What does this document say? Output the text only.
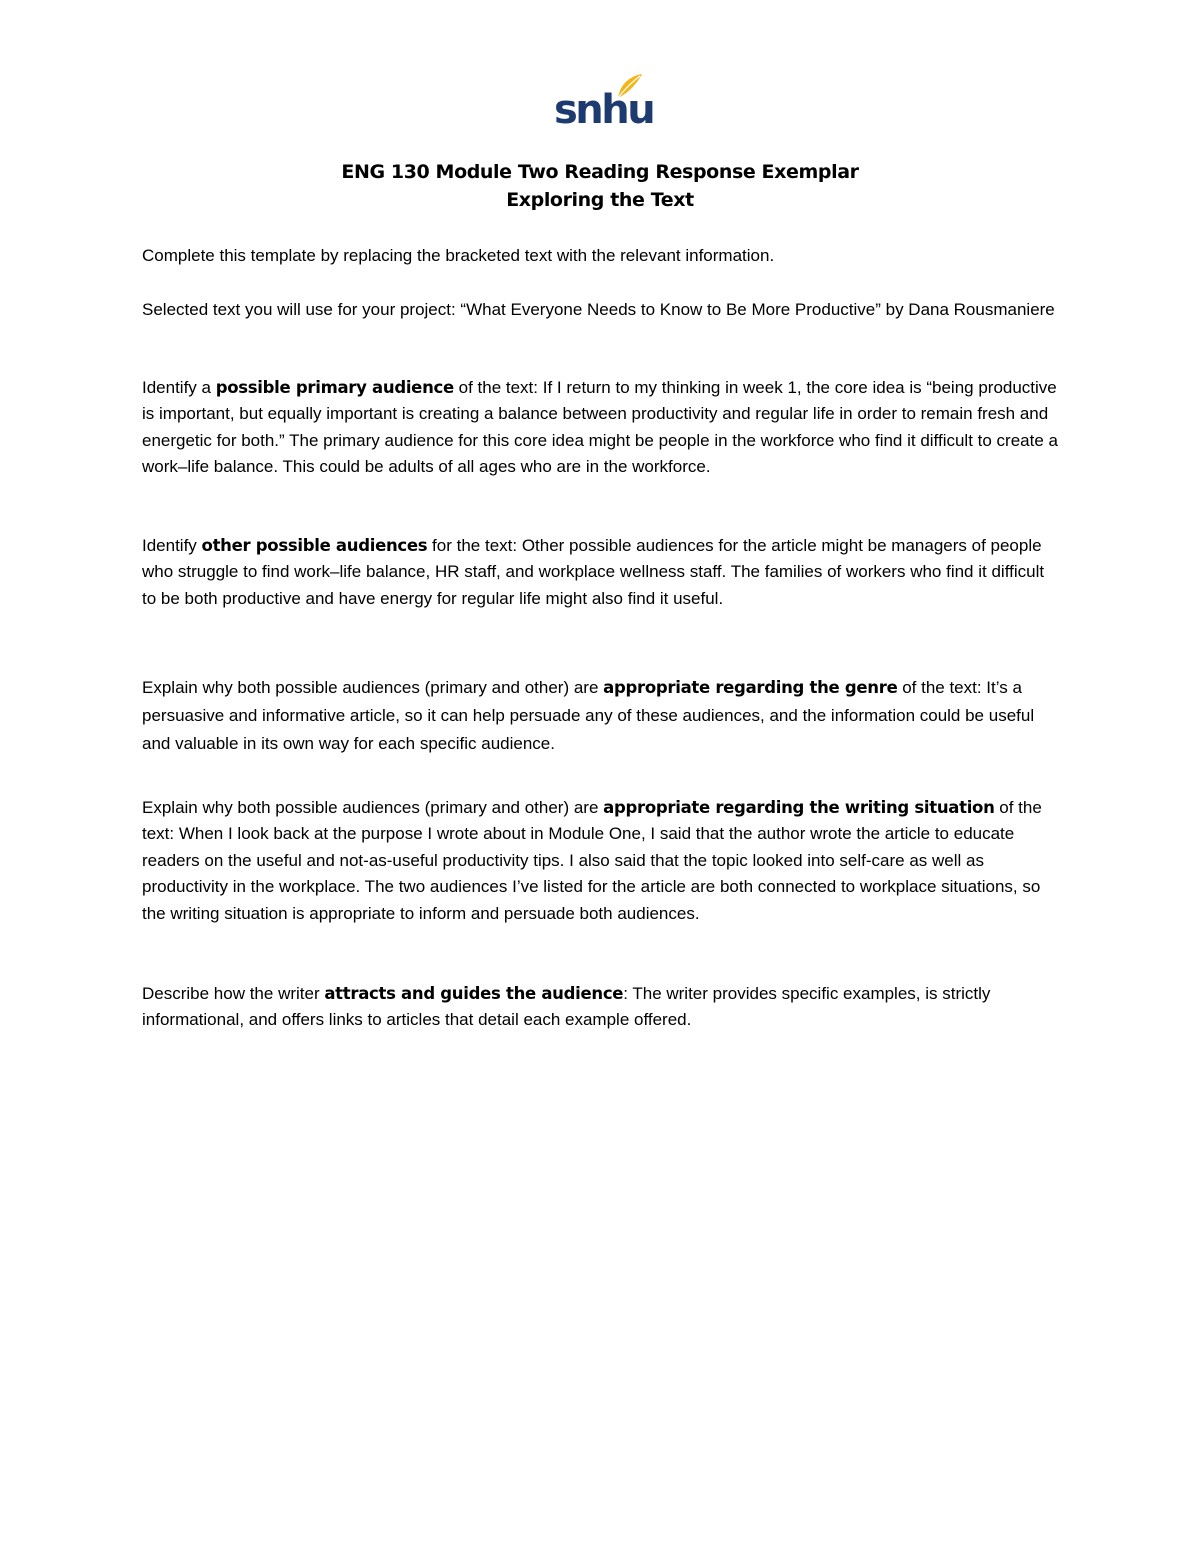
snhu
ENG 130 Module Two Reading Response Exemplar
Exploring the Text

Complete this template by replacing the bracketed text with the relevant information.

Selected text you will use for your project: “What Everyone Needs to Know to Be More Productive” by Dana Rousmaniere

Identify a possible primary audience of the text: If I return to my thinking in week 1, the core idea is “being productive is important, but equally important is creating a balance between productivity and regular life in order to remain fresh and energetic for both.” The primary audience for this core idea might be people in the workforce who find it difficult to create a work–life balance. This could be adults of all ages who are in the workforce.

Identify other possible audiences for the text: Other possible audiences for the article might be managers of people who struggle to find work–life balance, HR staff, and workplace wellness staff. The families of workers who find it difficult to be both productive and have energy for regular life might also find it useful.

Explain why both possible audiences (primary and other) are appropriate regarding the genre of the text: It’s a persuasive and informative article, so it can help persuade any of these audiences, and the information could be useful and valuable in its own way for each specific audience.

Explain why both possible audiences (primary and other) are appropriate regarding the writing situation of the text: When I look back at the purpose I wrote about in Module One, I said that the author wrote the article to educate readers on the useful and not-as-useful productivity tips. I also said that the topic looked into self-care as well as productivity in the workplace. The two audiences I’ve listed for the article are both connected to workplace situations, so the writing situation is appropriate to inform and persuade both audiences.

Describe how the writer attracts and guides the audience: The writer provides specific examples, is strictly informational, and offers links to articles that detail each example offered.
